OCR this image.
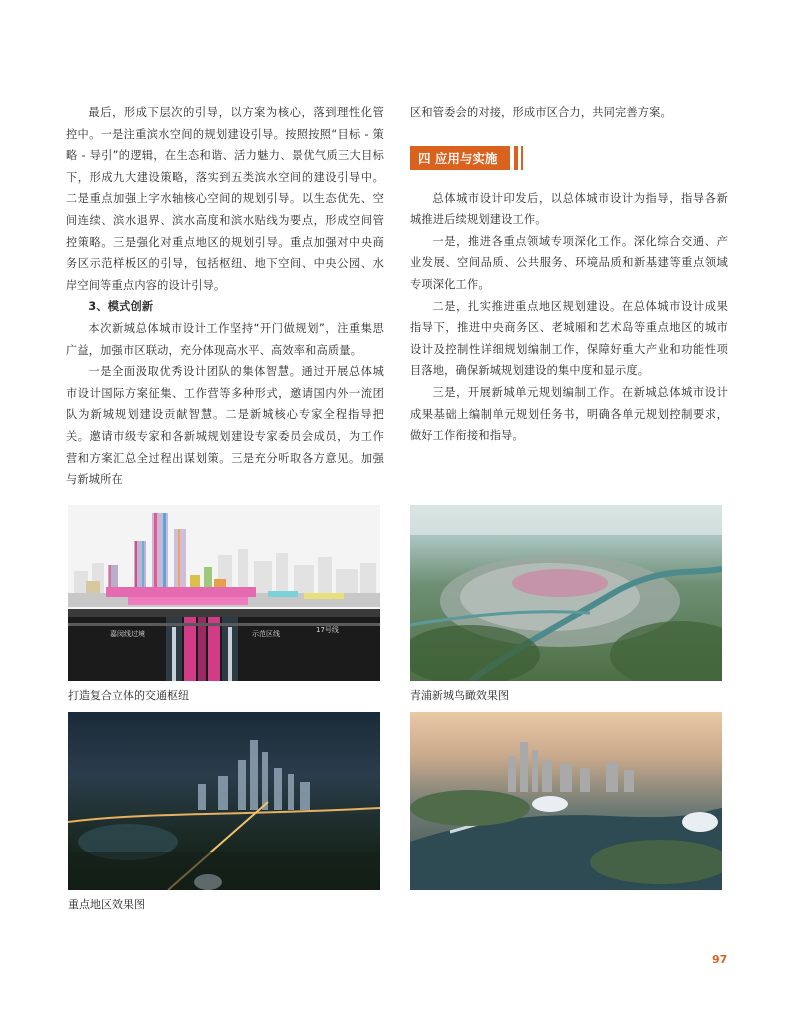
最后，形成下层次的引导，以方案为核心，落到理性化管控中。一是注重滨水空间的规划建设引导。按照按照“目标 - 策略 - 导引”的逻辑，在生态和谐、活力魅力、景优气质三大目标下，形成九大建设策略，落实到五类滨水空间的建设引导中。二是重点加强上字水轴核心空间的规划引导。以生态优先、空间连续、滨水退界、滨水高度和滨水贴线为要点，形成空间管控策略。三是强化对重点地区的规划引导。重点加强对中央商务区示范样板区的引导，包括枢纽、地下空间、中央公园、水岸空间等重点内容的设计引导。

3、模式创新

本次新城总体城市设计工作坚持“开门做规划”，注重集思广益，加强市区联动，充分体现高水平、高效率和高质量。

一是全面汲取优秀设计团队的集体智慧。通过开展总体城市设计国际方案征集、工作营等多种形式，邀请国内外一流团队为新城规划建设贡献智慧。二是新城核心专家全程指导把关。邀请市级专家和各新城规划建设专家委员会成员，为工作营和方案汇总全过程出谋划策。三是充分听取各方意见。加强与新城所在

区和管委会的对接，形成市区合力，共同完善方案。

总体城市设计印发后，以总体城市设计为指导，指导各新城推进后续规划建设工作。

一是，推进各重点领域专项深化工作。深化综合交通、产业发展、空间品质、公共服务、环境品质和新基建等重点领域专项深化工作。

二是，扎实推进重点地区规划建设。在总体城市设计成果指导下，推进中央商务区、老城厢和艺术岛等重点地区的城市设计及控制性详细规划编制工作，保障好重大产业和功能性项目落地，确保新城规划建设的集中度和显示度。

三是，开展新城单元规划编制工作。在新城总体城市设计成果基础上编制单元规划任务书，明确各单元规划控制要求，做好工作衔接和指导。

四 应用与实施
嘉闵线过境	示范区线	17号线
打造复合立体的交通枢纽	青浦新城鸟瞰效果图
重点地区效果图
97
